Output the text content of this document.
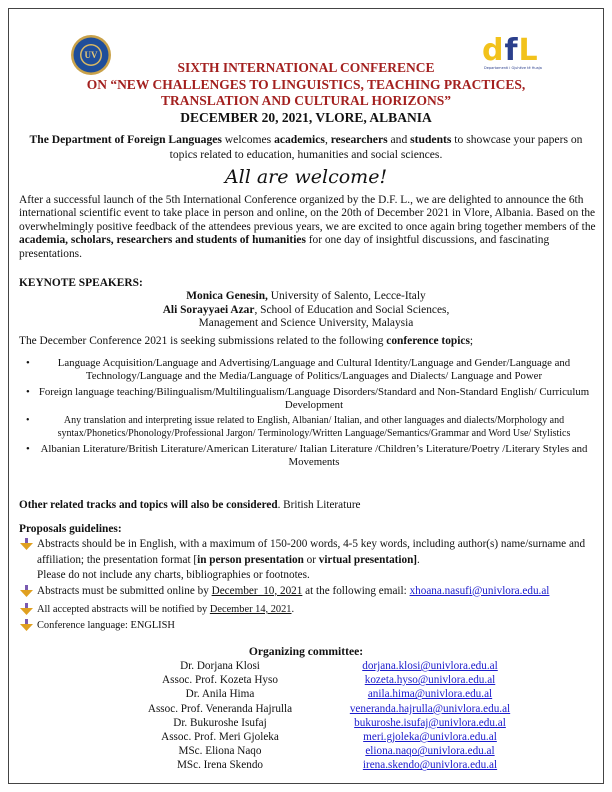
UV	dfL
Departamenti i Gjuhëve të Huaja
SIXTH INTERNATIONAL CONFERENCE
ON “NEW CHALLENGES TO LINGUISTICS, TEACHING PRACTICES,
TRANSLATION AND CULTURAL HORIZONS”
DECEMBER 20, 2021, VLORE, ALBANIA
The Department of Foreign Languages welcomes academics, researchers and students to showcase your papers on topics related to education, humanities and social sciences.
All are welcome!
After a successful launch of the 5th International Conference organized by the D.F. L., we are delighted to announce the 6th international scientific event to take place in person and online, on the 20th of December 2021 in Vlore, Albania. Based on the overwhelmingly positive feedback of the attendees previous years, we are excited to once again bring together members of the academia, scholars, researchers and students of humanities for one day of insightful discussions, and fascinating presentations.
KEYNOTE SPEAKERS:
Monica Genesin, University of Salento, Lecce-Italy
Ali Sorayyaei Azar, School of Education and Social Sciences,
Management and Science University, Malaysia
The December Conference 2021 is seeking submissions related to the following conference topics;
• Language Acquisition/Language and Advertising/Language and Cultural Identity/Language and Gender/Language and Technology/Language and the Media/Language of Politics/Languages and Dialects/ Language and Power
• Foreign language teaching/Bilingualism/Multilingualism/Language Disorders/Standard and Non-Standard English/ Curriculum Development
• Any translation and interpreting issue related to English, Albanian/ Italian, and other languages and dialects/Morphology and syntax/Phonetics/Phonology/Professional Jargon/ Terminology/Written Language/Semantics/Grammar and Word Use/ Stylistics
• Albanian Literature/British Literature/American Literature/ Italian Literature /Children’s Literature/Poetry /Literary Styles and Movements
Other related tracks and topics will also be considered. British Literature
Proposals guidelines:
Abstracts should be in English, with a maximum of 150-200 words, 4-5 key words, including author(s) name/surname and affiliation; the presentation format [in person presentation or virtual presentation].
Please do not include any charts, bibliographies or footnotes.
Abstracts must be submitted online by December  10, 2021 at the following email: xhoana.nasufi@univlora.edu.al
All accepted abstracts will be notified by December 14, 2021.
Conference language: ENGLISH
Organizing committee:
Dr. Dorjana Klosi	dorjana.klosi@univlora.edu.al
Assoc. Prof. Kozeta Hyso	kozeta.hyso@univlora.edu.al
Dr. Anila Hima	anila.hima@univlora.edu.al
Assoc. Prof. Veneranda Hajrulla	veneranda.hajrulla@univlora.edu.al
Dr. Bukuroshe Isufaj	bukuroshe.isufaj@univlora.edu.al
Assoc. Prof. Meri Gjoleka	meri.gjoleka@univlora.edu.al
MSc. Eliona Naqo	eliona.naqo@univlora.edu.al
MSc. Irena Skendo	irena.skendo@univlora.edu.al
